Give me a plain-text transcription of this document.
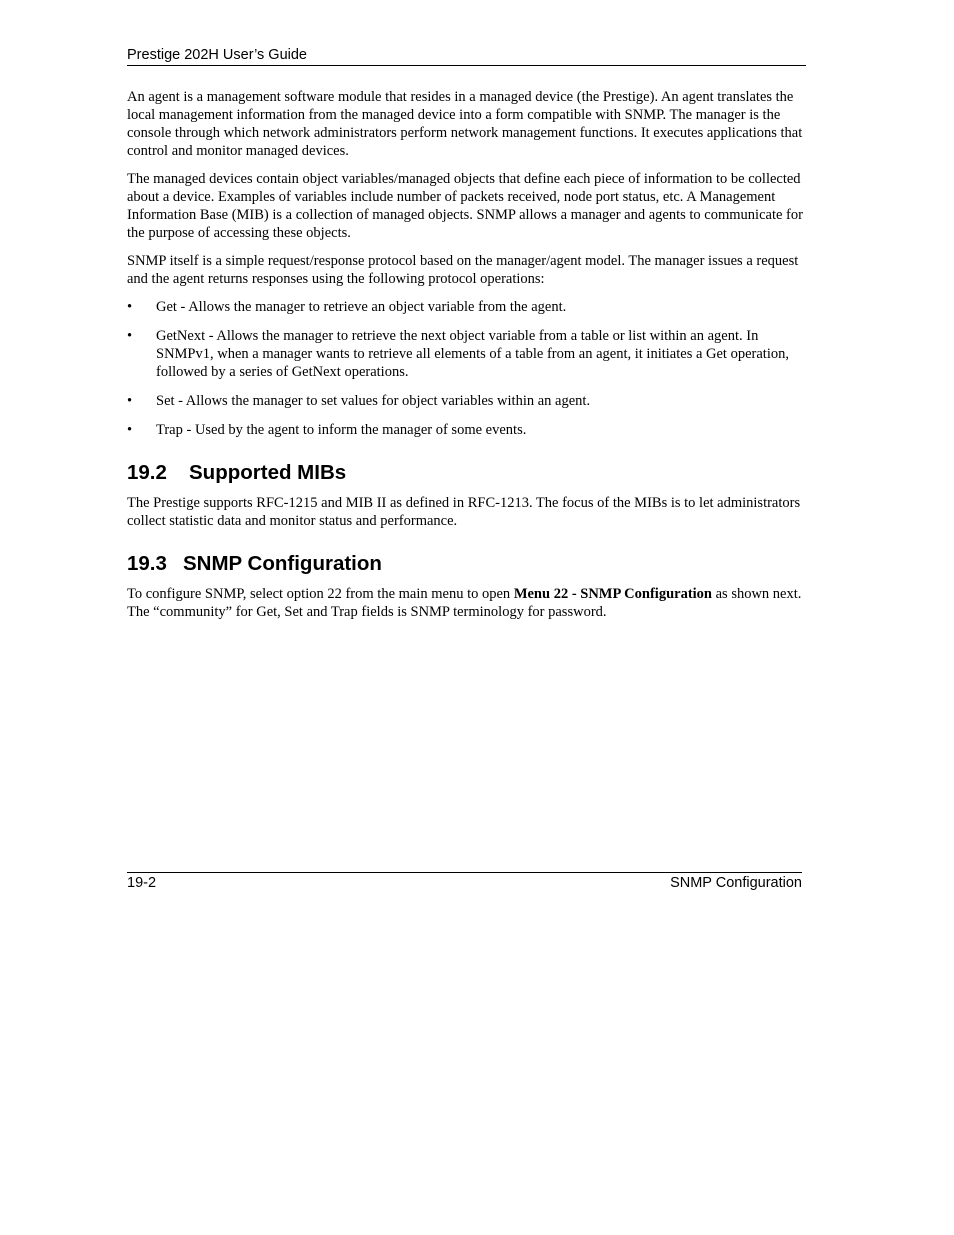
Prestige 202H User’s Guide

An agent is a management software module that resides in a managed device (the Prestige). An agent translates the local management information from the managed device into a form compatible with SNMP. The manager is the console through which network administrators perform network management functions. It executes applications that control and monitor managed devices.

The managed devices contain object variables/managed objects that define each piece of information to be collected about a device. Examples of variables include number of packets received, node port status, etc. A Management Information Base (MIB) is a collection of managed objects. SNMP allows a manager and agents to communicate for the purpose of accessing these objects.

SNMP itself is a simple request/response protocol based on the manager/agent model. The manager issues a request and the agent returns responses using the following protocol operations:

• Get - Allows the manager to retrieve an object variable from the agent.
• GetNext - Allows the manager to retrieve the next object variable from a table or list within an agent. In SNMPv1, when a manager wants to retrieve all elements of a table from an agent, it initiates a Get operation, followed by a series of GetNext operations.
• Set - Allows the manager to set values for object variables within an agent.
• Trap - Used by the agent to inform the manager of some events.
19.2 Supported MIBs

The Prestige supports RFC-1215 and MIB II as defined in RFC-1213. The focus of the MIBs is to let administrators collect statistic data and monitor status and performance.

19.3 SNMP Configuration

To configure SNMP, select option 22 from the main menu to open Menu 22 - SNMP Configuration as shown next. The “community” for Get, Set and Trap fields is SNMP terminology for password.

19-2	SNMP Configuration
